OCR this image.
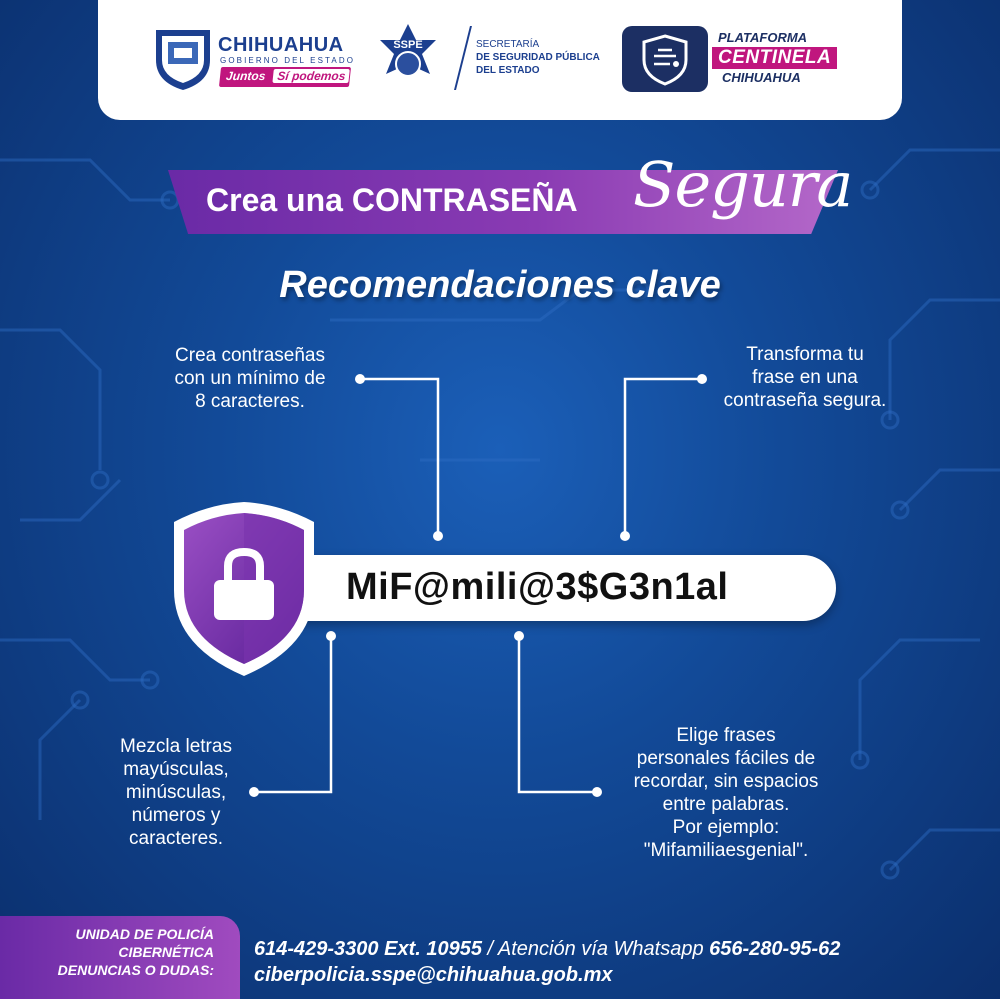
CHIHUAHUA
GOBIERNO DEL ESTADO
Juntos Sí podemos
SSPE	SECRETARÍA
DE SEGURIDAD PÚBLICA
DEL ESTADO
PLATAFORMA
CENTINELA
CHIHUAHUA
Crea una CONTRASEÑA Segura
Recomendaciones clave
Crea contraseñas
con un mínimo de
8 caracteres.
Transforma tu
frase en una
contraseña segura.
Mezcla letras
mayúsculas,
minúsculas,
números y
caracteres.
Elige frases
personales fáciles de
recordar, sin espacios
entre palabras.
Por ejemplo:
"Mifamiliaesgenial".
MiF@mili@3$G3n1al
UNIDAD DE POLICÍA
CIBERNÉTICA
DENUNCIAS O DUDAS:
614-429-3300 Ext. 10955 / Atención vía Whatsapp 656-280-95-62
ciberpolicia.sspe@chihuahua.gob.mx
